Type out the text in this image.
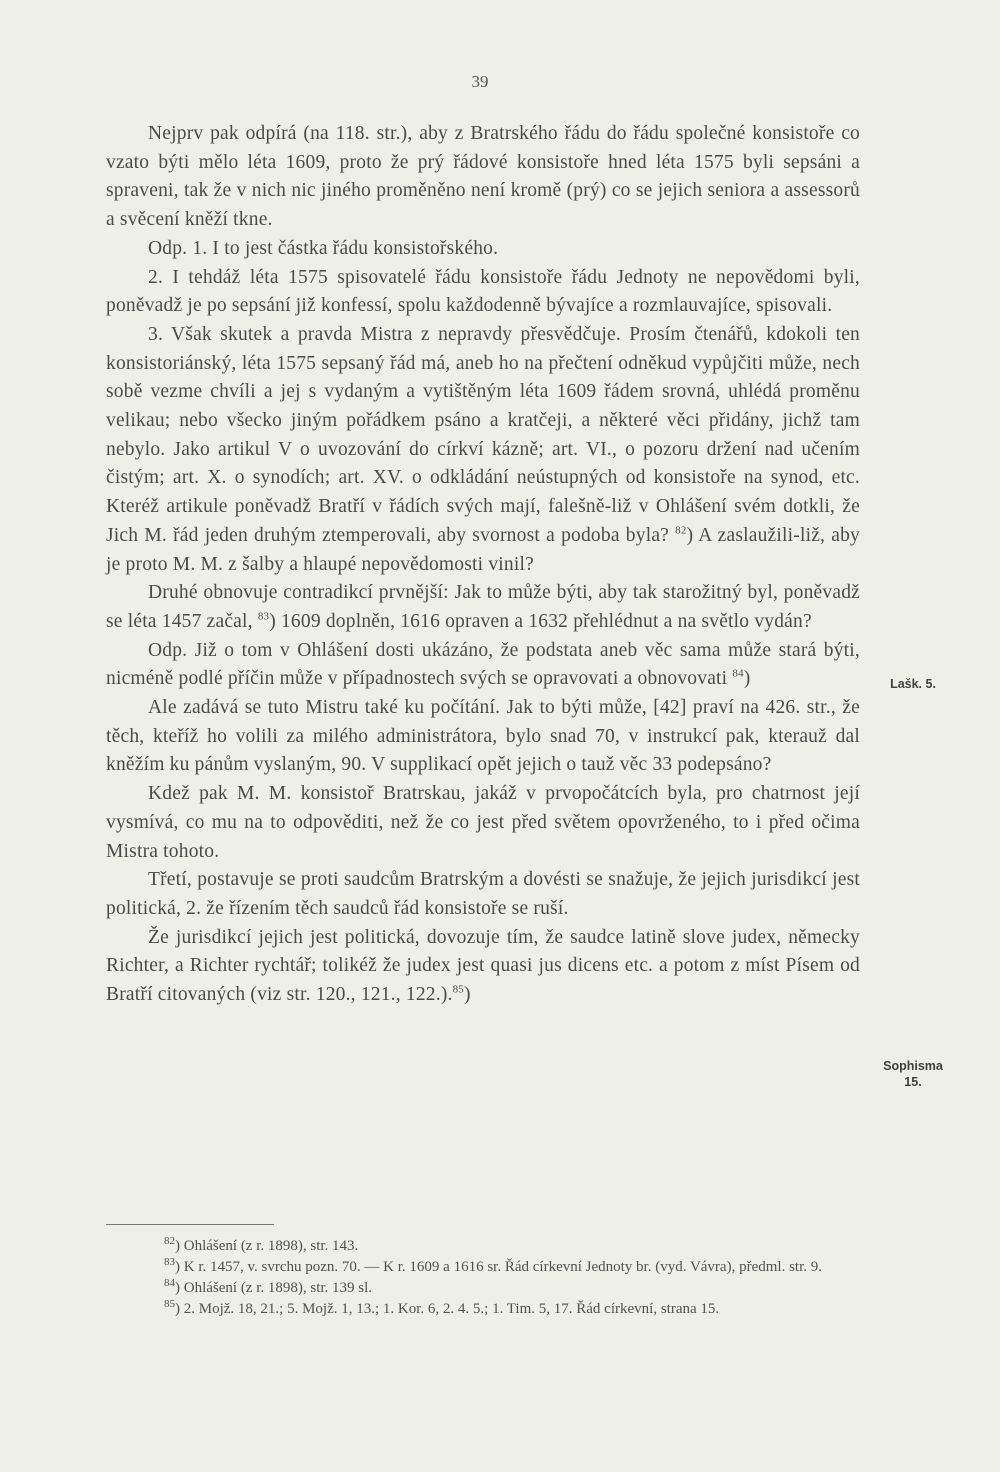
39

Nejprv pak odpírá (na 118. str.), aby z Bratrského řádu do řádu společné konsistoře co vzato býti mělo léta 1609, proto že prý řádové konsistoře hned léta 1575 byli sepsáni a spraveni, tak že v nich nic jiného proměněno není kromě (prý) co se jejich seniora a assessorů a svěcení kněží tkne.

Odp. 1. I to jest částka řádu konsistořského.

2. I tehdáž léta 1575 spisovatelé řádu konsistoře řádu Jednoty ne nepovědomi byli, poněvadž je po sepsání již konfessí, spolu každodenně bývajíce a rozmlauvajíce, spisovali.

3. Však skutek a pravda Mistra z nepravdy přesvědčuje. Prosím čtenářů, kdokoli ten konsistoriánský, léta 1575 sepsaný řád má, aneb ho na přečtení odněkud vypůjčiti může, nech sobě vezme chvíli a jej s vydaným a vytištěným léta 1609 řádem srovná, uhlédá proměnu velikau; nebo všecko jiným pořádkem psáno a kratčeji, a některé věci přidány, jichž tam nebylo. Jako artikul V o uvozování do církví kázně; art. VI., o pozoru držení nad učením čistým; art. X. o synodích; art. XV. o odkládání neústupných od konsistoře na synod, etc. Kteréž artikule poněvadž Bratří v řádích svých mají, falešně-liž v Ohlášení svém dotkli, že Jich M. řád jeden druhým ztemperovali, aby svornost a podoba byla? $^{82}$) A zaslaužili-liž, aby je proto M. M. z šalby a hlaupé nepovědomosti vinil?

Druhé obnovuje contradikcí prvnější: Jak to může býti, aby tak starožitný byl, poněvadž se léta 1457 začal, $^{83}$) 1609 doplněn, 1616 opraven a 1632 přehlédnut a na světlo vydán?

Odp. Již o tom v Ohlášení dosti ukázáno, že podstata aneb věc sama může stará býti, nicméně podlé příčin může v případnostech svých se opravovati a obnovovati $^{84}$)

Ale zadává se tuto Mistru také ku počítání. Jak to býti může, [42] praví na 426. str., že těch, kteříž ho volili za milého administrátora, bylo snad 70, v instrukcí pak, kterauž dal kněžím ku pánům vyslaným, 90. V supplikací opět jejich o tauž věc 33 podepsáno?

Kdež pak M. M. konsistoř Bratrskau, jakáž v prvopočátcích byla, pro chatrnost její vysmívá, co mu na to odpověditi, než že co jest před světem opovrženého, to i před očima Mistra tohoto.

Třetí, postavuje se proti saudcům Bratrským a dovésti se snažuje, že jejich jurisdikcí jest politická, 2. že řízením těch saudců řád konsistoře se ruší.

Že jurisdikcí jejich jest politická, dovozuje tím, že saudce latině slove judex, německy Richter, a Richter rychtář; tolikéž že judex jest quasi jus dicens etc. a potom z míst Písem od Bratří citovaných (viz str. 120., 121., 122.).$^{85}$)

Lašk. 5.
Sophisma
15.

$^{82}$) Ohlášení (z r. 1898), str. 143.

$^{83}$) K r. 1457, v. svrchu pozn. 70. — K r. 1609 a 1616 sr. Řád církevní Jednoty br. (vyd. Vávra), předml. str. 9.

$^{84}$) Ohlášení (z r. 1898), str. 139 sl.

$^{85}$) 2. Mojž. 18, 21.; 5. Mojž. 1, 13.; 1. Kor. 6, 2. 4. 5.; 1. Tim. 5, 17. Řád církevní, strana 15.
